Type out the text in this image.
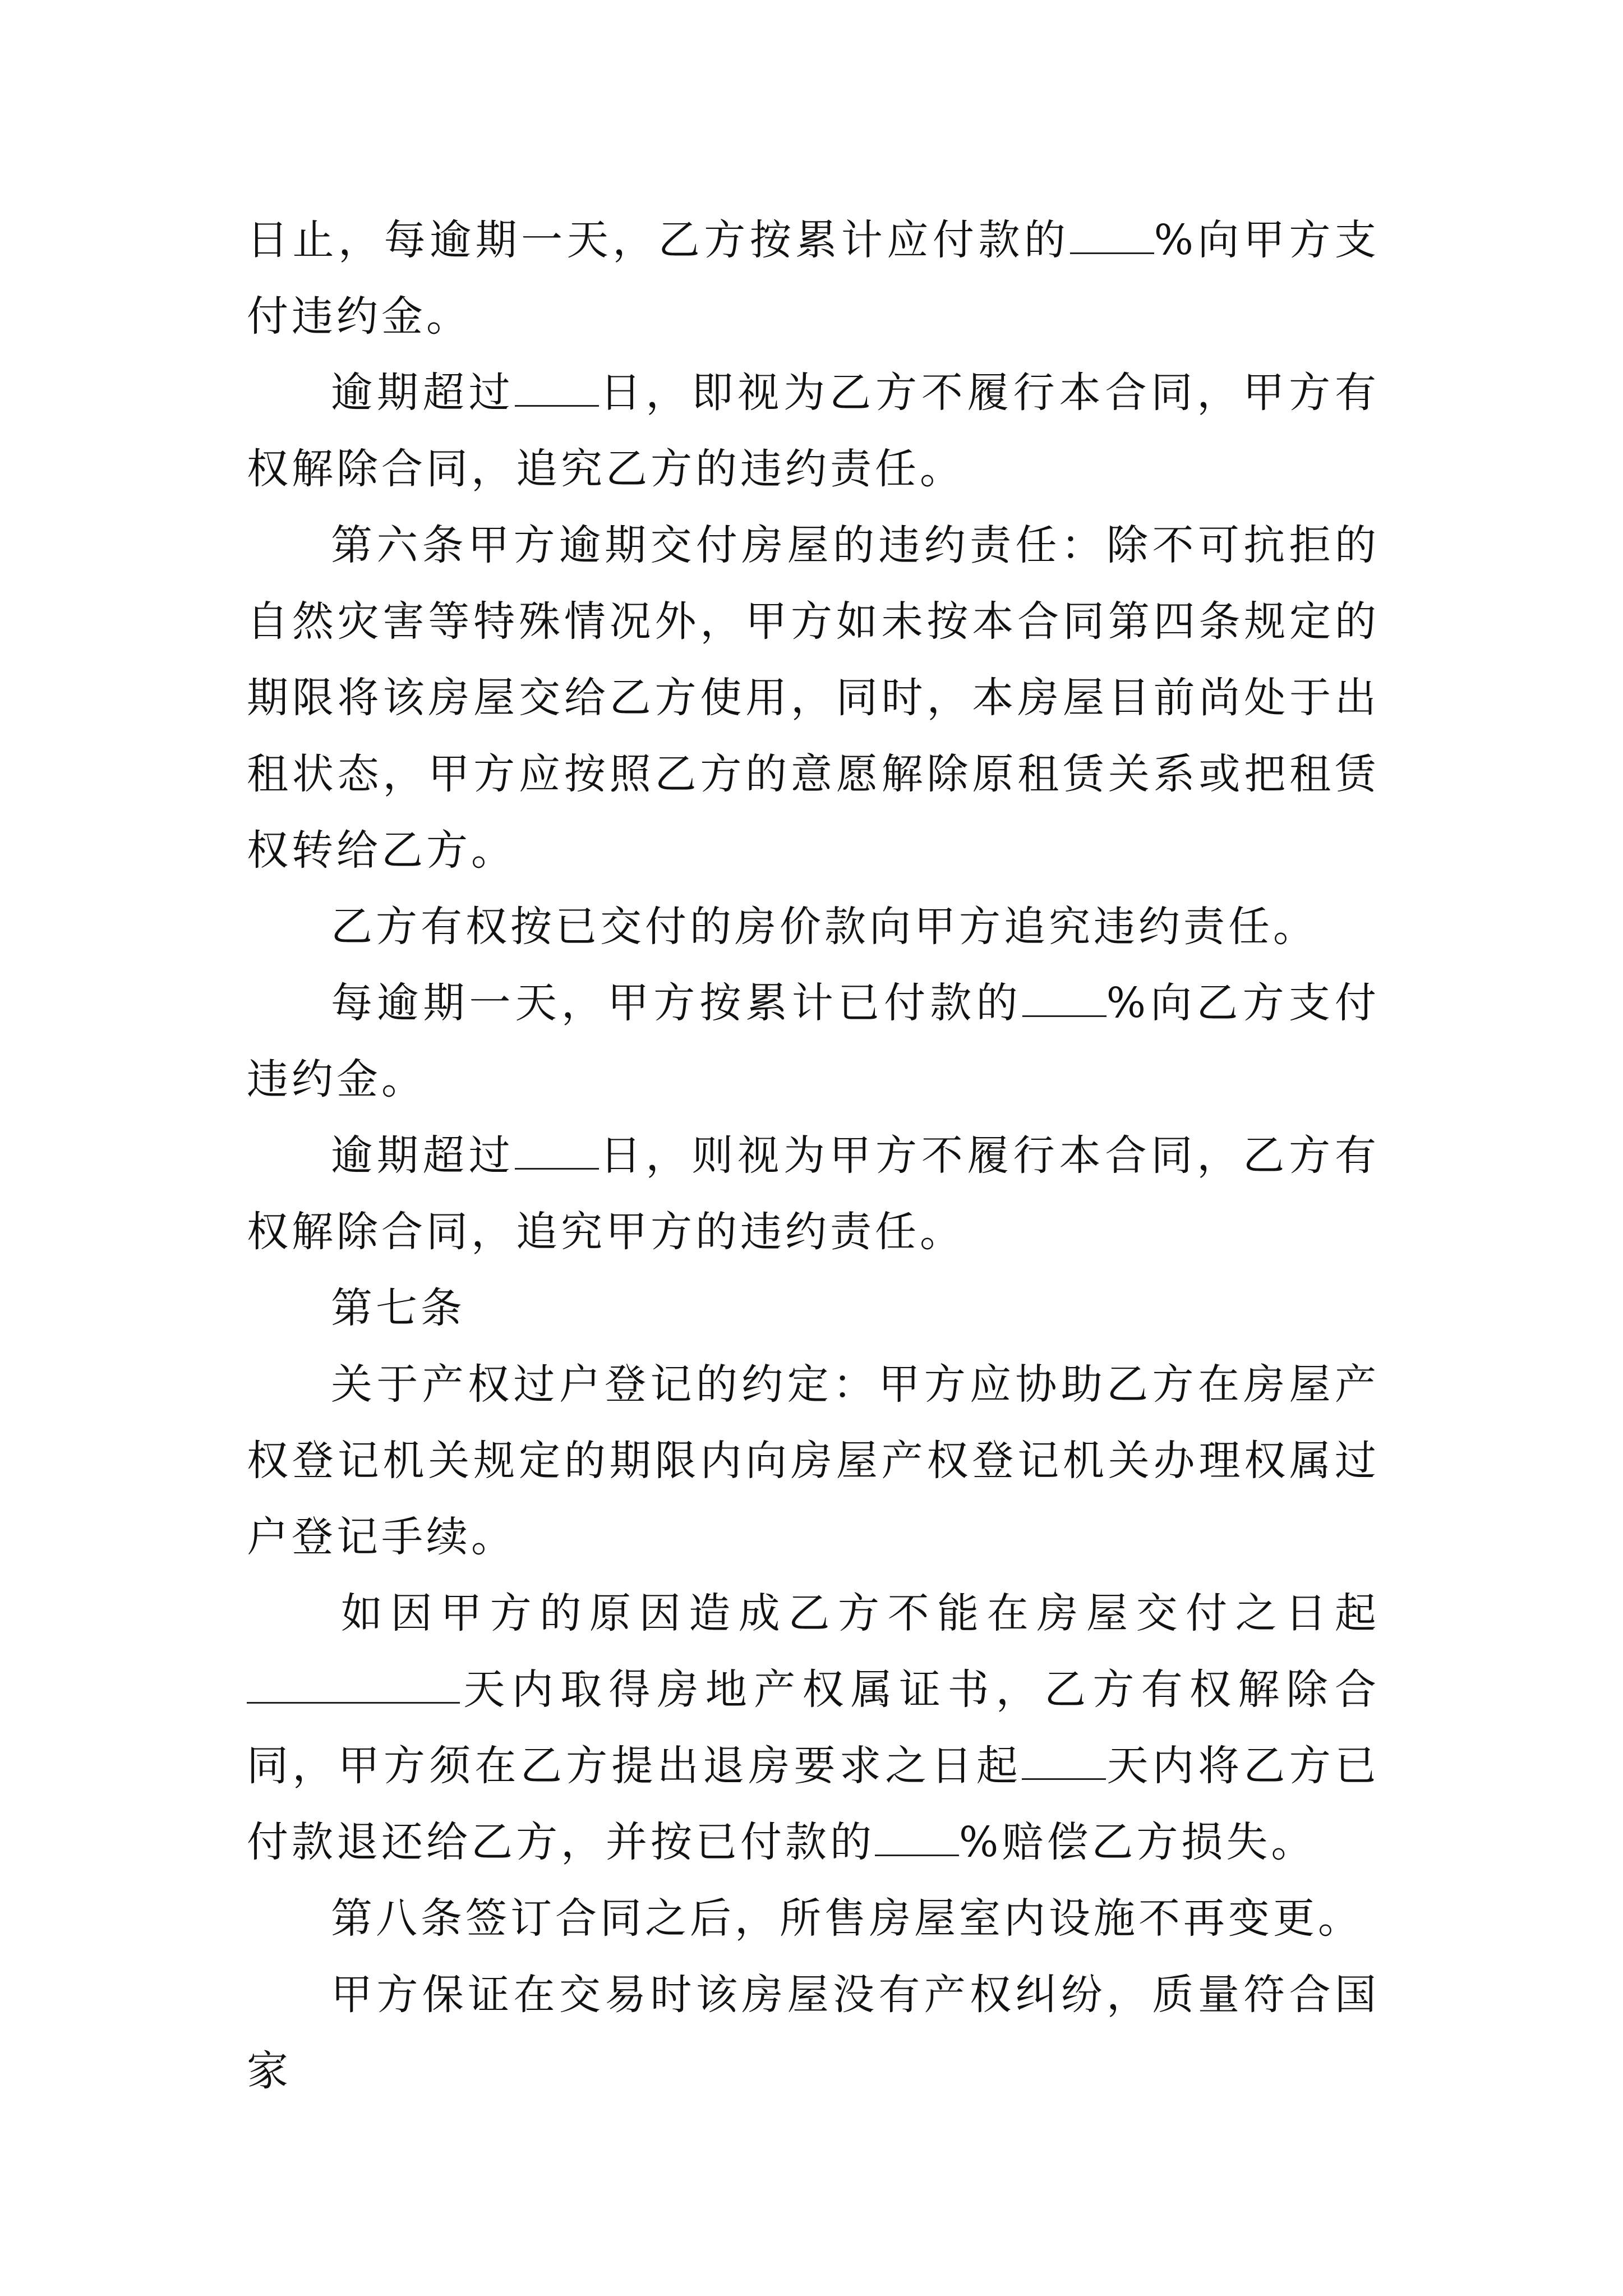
日止，每逾期一天，乙方按累计应付款的 %向甲方支付违约金。

逾期超过 日，即视为乙方不履行本合同，甲方有权解除合同，追究乙方的违约责任。

第六条甲方逾期交付房屋的违约责任：除不可抗拒的自然灾害等特殊情况外，甲方如未按本合同第四条规定的期限将该房屋交给乙方使用，同时，本房屋目前尚处于出租状态，甲方应按照乙方的意愿解除原租赁关系或把租赁权转给乙方。

乙方有权按已交付的房价款向甲方追究违约责任。

每逾期一天，甲方按累计已付款的 %向乙方支付违约金。

逾期超过 日，则视为甲方不履行本合同，乙方有权解除合同，追究甲方的违约责任。

第七条

关于产权过户登记的约定：甲方应协助乙方在房屋产权登记机关规定的期限内向房屋产权登记机关办理权属过户登记手续。

如因甲方的原因造成乙方不能在房屋交付之日起天内取得房地产权属证书，乙方有权解除合同，甲方须在乙方提出退房要求之日起 天内将乙方已付款退还给乙方，并按已付款的 %赔偿乙方损失。

第八条签订合同之后，所售房屋室内设施不再变更。

甲方保证在交易时该房屋没有产权纠纷，质量符合国家
